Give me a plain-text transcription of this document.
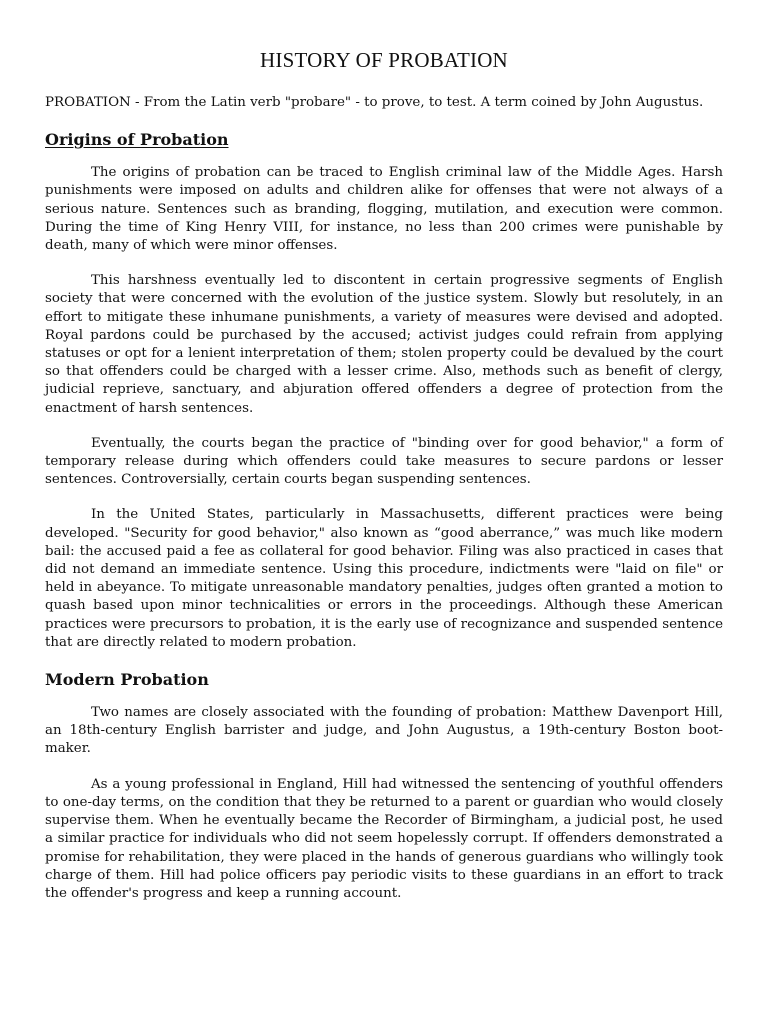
HISTORY OF PROBATION

PROBATION - From the Latin verb "probare" - to prove, to test. A term coined by John Augustus.

Origins of Probation

The origins of probation can be traced to English criminal law of the Middle Ages. Harsh punishments were imposed on adults and children alike for offenses that were not always of a serious nature. Sentences such as branding, flogging, mutilation, and execution were common. During the time of King Henry VIII, for instance, no less than 200 crimes were punishable by death, many of which were minor offenses.

This harshness eventually led to discontent in certain progressive segments of English society that were concerned with the evolution of the justice system. Slowly but resolutely, in an effort to mitigate these inhumane punishments, a variety of measures were devised and adopted. Royal pardons could be purchased by the accused; activist judges could refrain from applying statuses or opt for a lenient interpretation of them; stolen property could be devalued by the court so that offenders could be charged with a lesser crime. Also, methods such as benefit of clergy, judicial reprieve, sanctuary, and abjuration offered offenders a degree of protection from the enactment of harsh sentences.

Eventually, the courts began the practice of "binding over for good behavior," a form of temporary release during which offenders could take measures to secure pardons or lesser sentences. Controversially, certain courts began suspending sentences.

In the United States, particularly in Massachusetts, different practices were being developed. "Security for good behavior," also known as “good aberrance,” was much like modern bail: the accused paid a fee as collateral for good behavior. Filing was also practiced in cases that did not demand an immediate sentence. Using this procedure, indictments were "laid on file" or held in abeyance. To mitigate unreasonable mandatory penalties, judges often granted a motion to quash based upon minor technicalities or errors in the proceedings. Although these American practices were precursors to probation, it is the early use of recognizance and suspended sentence that are directly related to modern probation.

Modern Probation

Two names are closely associated with the founding of probation: Matthew Davenport Hill, an 18th-century English barrister and judge, and John Augustus, a 19th-century Boston boot-maker.

As a young professional in England, Hill had witnessed the sentencing of youthful offenders to one-day terms, on the condition that they be returned to a parent or guardian who would closely supervise them. When he eventually became the Recorder of Birmingham, a judicial post, he used a similar practice for individuals who did not seem hopelessly corrupt. If offenders demonstrated a promise for rehabilitation, they were placed in the hands of generous guardians who willingly took charge of them. Hill had police officers pay periodic visits to these guardians in an effort to track the offender's progress and keep a running account.
